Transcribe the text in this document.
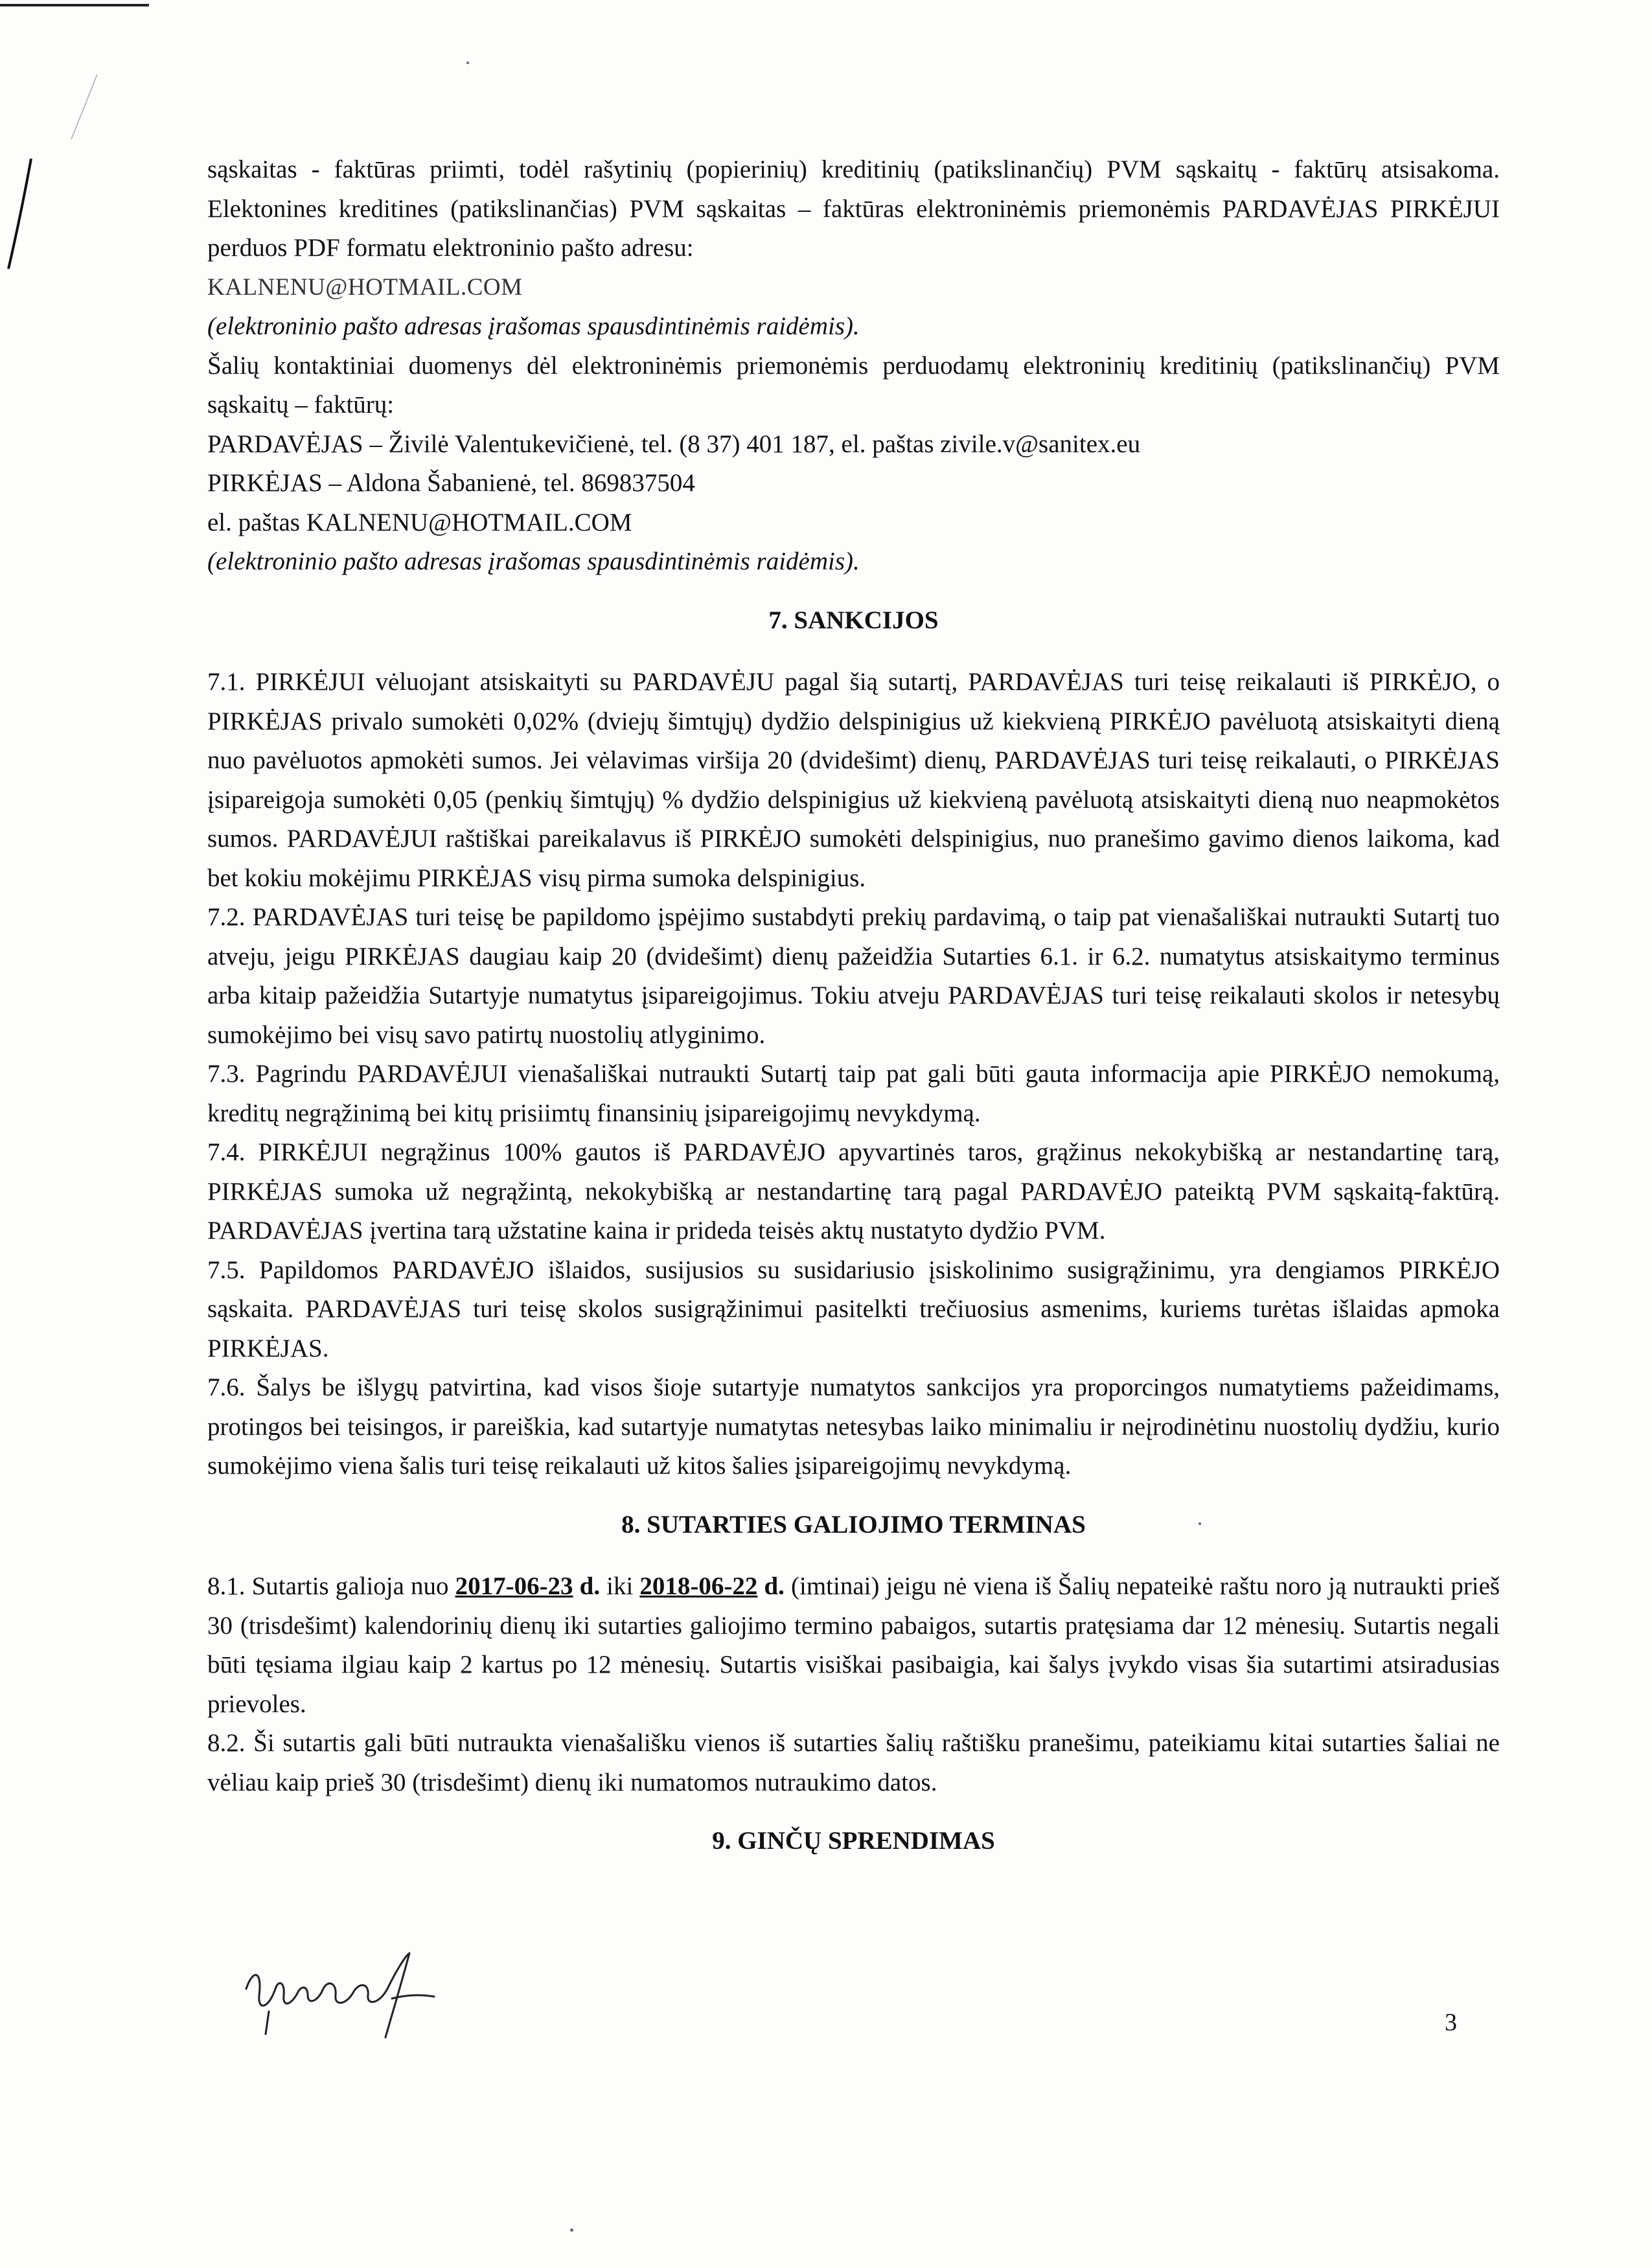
sąskaitas - faktūras priimti, todėl rašytinių (popierinių) kreditinių (patikslinančių) PVM sąskaitų - faktūrų atsisakoma. Elektonines kreditines (patikslinančias) PVM sąskaitas – faktūras elektroninėmis priemonėmis PARDAVĖJAS PIRKĖJUI perduos PDF formatu elektroninio pašto adresu:

KALNENU@HOTMAIL.COM
(elektroninio pašto adresas įrašomas spausdintinėmis raidėmis).

Šalių kontaktiniai duomenys dėl elektroninėmis priemonėmis perduodamų elektroninių kreditinių (patikslinančių) PVM sąskaitų – faktūrų:

PARDAVĖJAS – Živilė Valentukevičienė, tel. (8 37) 401 187, el. paštas zivile.v@sanitex.eu
PIRKĖJAS – Aldona Šabanienė, tel. 869837504
el. paštas KALNENU@HOTMAIL.COM
(elektroninio pašto adresas įrašomas spausdintinėmis raidėmis).
7. SANKCIJOS

7.1. PIRKĖJUI vėluojant atsiskaityti su PARDAVĖJU pagal šią sutartį, PARDAVĖJAS turi teisę reikalauti iš PIRKĖJO, o PIRKĖJAS privalo sumokėti 0,02% (dviejų šimtųjų) dydžio delspinigius už kiekvieną PIRKĖJO pavėluotą atsiskaityti dieną nuo pavėluotos apmokėti sumos. Jei vėlavimas viršija 20 (dvidešimt) dienų, PARDAVĖJAS turi teisę reikalauti, o PIRKĖJAS įsipareigoja sumokėti 0,05 (penkių šimtųjų) % dydžio delspinigius už kiekvieną pavėluotą atsiskaityti dieną nuo neapmokėtos sumos. PARDAVĖJUI raštiškai pareikalavus iš PIRKĖJO sumokėti delspinigius, nuo pranešimo gavimo dienos laikoma, kad bet kokiu mokėjimu PIRKĖJAS visų pirma sumoka delspinigius.

7.2. PARDAVĖJAS turi teisę be papildomo įspėjimo sustabdyti prekių pardavimą, o taip pat vienašališkai nutraukti Sutartį tuo atveju, jeigu PIRKĖJAS daugiau kaip 20 (dvidešimt) dienų pažeidžia Sutarties 6.1. ir 6.2. numatytus atsiskaitymo terminus arba kitaip pažeidžia Sutartyje numatytus įsipareigojimus. Tokiu atveju PARDAVĖJAS turi teisę reikalauti skolos ir netesybų sumokėjimo bei visų savo patirtų nuostolių atlyginimo.

7.3. Pagrindu PARDAVĖJUI vienašališkai nutraukti Sutartį taip pat gali būti gauta informacija apie PIRKĖJO nemokumą, kreditų negrąžinimą bei kitų prisiimtų finansinių įsipareigojimų nevykdymą.

7.4. PIRKĖJUI negrąžinus 100% gautos iš PARDAVĖJO apyvartinės taros, grąžinus nekokybišką ar nestandartinę tarą, PIRKĖJAS sumoka už negrąžintą, nekokybišką ar nestandartinę tarą pagal PARDAVĖJO pateiktą PVM sąskaitą-faktūrą. PARDAVĖJAS įvertina tarą užstatine kaina ir prideda teisės aktų nustatyto dydžio PVM.

7.5. Papildomos PARDAVĖJO išlaidos, susijusios su susidariusio įsiskolinimo susigrąžinimu, yra dengiamos PIRKĖJO sąskaita. PARDAVĖJAS turi teisę skolos susigrąžinimui pasitelkti trečiuosius asmenims, kuriems turėtas išlaidas apmoka PIRKĖJAS.

7.6. Šalys be išlygų patvirtina, kad visos šioje sutartyje numatytos sankcijos yra proporcingos numatytiems pažeidimams, protingos bei teisingos, ir pareiškia, kad sutartyje numatytas netesybas laiko minimaliu ir neįrodinėtinu nuostolių dydžiu, kurio sumokėjimo viena šalis turi teisę reikalauti už kitos šalies įsipareigojimų nevykdymą.

8. SUTARTIES GALIOJIMO TERMINAS

8.1. Sutartis galioja nuo 2017-06-23 d. iki 2018-06-22 d. (imtinai) jeigu nė viena iš Šalių nepateikė raštu noro ją nutraukti prieš 30 (trisdešimt) kalendorinių dienų iki sutarties galiojimo termino pabaigos, sutartis pratęsiama dar 12 mėnesių. Sutartis negali būti tęsiama ilgiau kaip 2 kartus po 12 mėnesių. Sutartis visiškai pasibaigia, kai šalys įvykdo visas šia sutartimi atsiradusias prievoles.

8.2. Ši sutartis gali būti nutraukta vienašališku vienos iš sutarties šalių raštišku pranešimu, pateikiamu kitai sutarties šaliai ne vėliau kaip prieš 30 (trisdešimt) dienų iki numatomos nutraukimo datos.

9. GINČŲ SPRENDIMAS
3
